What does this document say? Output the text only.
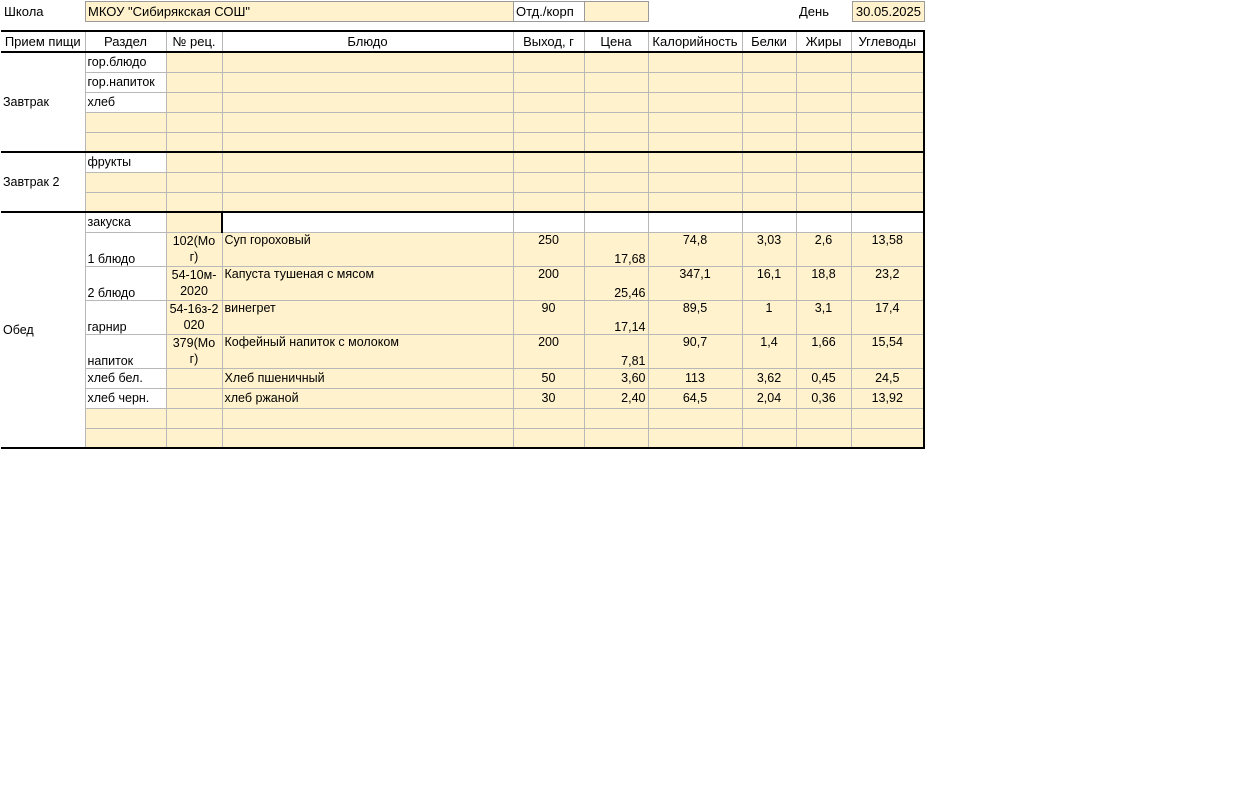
Школа	МКОУ "Сибирякская СОШ"	Отд./корп	День 30.05.2025
Прием пищи	Раздел	№ рец.	Блюдо	Выход, г	Цена	Калорийность	Белки	Жиры	Углеводы
Завтрак	гор.блюдо								
	гор.напиток								
	хлеб								

Завтрак 2	фрукты								

Обед	закуска								
	1 блюдо	102(Мог)	Суп гороховый	250	17,68	74,8	3,03	2,6	13,58
	2 блюдо	54-10м-2020	Капуста тушеная с мясом	200	25,46	347,1	16,1	18,8	23,2
	гарнир	54-16з-2020	винегрет	90	17,14	89,5	1	3,1	17,4
	напиток	379(Мог)	Кофейный напиток с молоком	200	7,81	90,7	1,4	1,66	15,54
	хлеб бел.		Хлеб пшеничный	50	3,60	113	3,62	0,45	24,5
	хлеб черн.		хлеб ржаной	30	2,40	64,5	2,04	0,36	13,92
